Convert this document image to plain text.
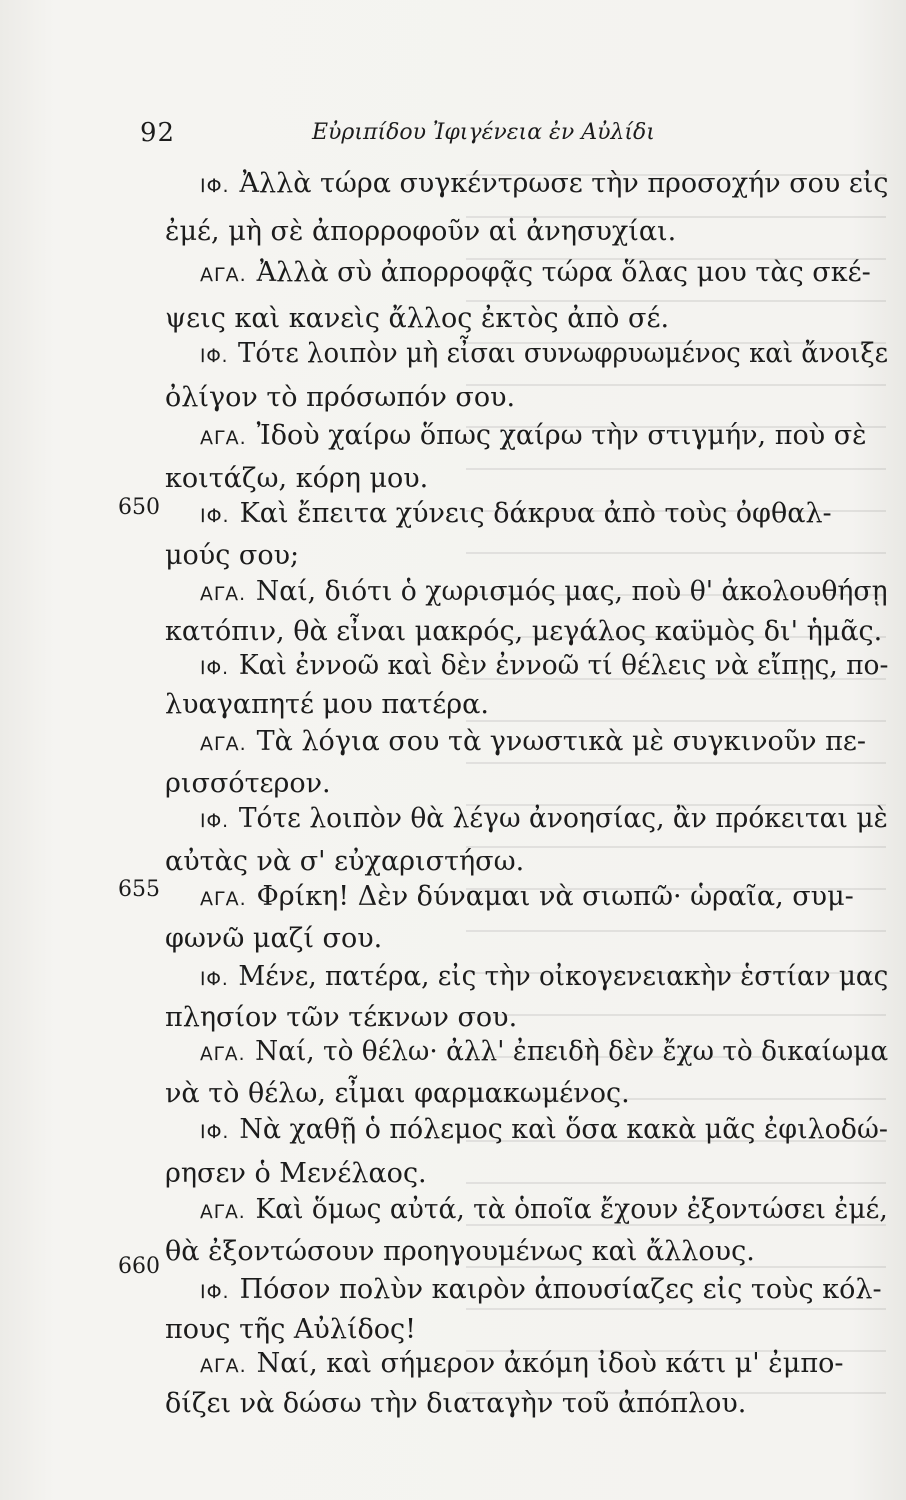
92	Εὐριπίδου Ἰφιγένεια ἐν Αὐλίδι
650
655
660
ΙΦ. Ἀλλὰ τώρα συγκέντρωσε τὴν προσοχήν σου εἰς
ἐμέ, μὴ σὲ ἀπορροφοῦν αἱ ἀνησυχίαι.
ΑΓΑ. Ἀλλὰ σὺ ἀπορροφᾷς τώρα ὅλας μου τὰς σκέ-
ψεις καὶ κανεὶς ἄλλος ἐκτὸς ἀπὸ σέ.
ΙΦ. Τότε λοιπὸν μὴ εἶσαι συνωφρυωμένος καὶ ἄνοιξε
ὀλίγον τὸ πρόσωπόν σου.
ΑΓΑ. Ἰδοὺ χαίρω ὅπως χαίρω τὴν στιγμήν, ποὺ σὲ
κοιτάζω, κόρη μου.
ΙΦ. Καὶ ἔπειτα χύνεις δάκρυα ἀπὸ τοὺς ὀφθαλ-
μούς σου;
ΑΓΑ. Ναί, διότι ὁ χωρισμός μας, ποὺ θ' ἀκολουθήσῃ
κατόπιν, θὰ εἶναι μακρός, μεγάλος καϋμὸς δι' ἡμᾶς.
ΙΦ. Καὶ ἐννοῶ καὶ δὲν ἐννοῶ τί θέλεις νὰ εἴπῃς, πο-
λυαγαπητέ μου πατέρα.
ΑΓΑ. Τὰ λόγια σου τὰ γνωστικὰ μὲ συγκινοῦν πε-
ρισσότερον.
ΙΦ. Τότε λοιπὸν θὰ λέγω ἀνοησίας, ἂν πρόκειται μὲ
αὐτὰς νὰ σ' εὐχαριστήσω.
ΑΓΑ. Φρίκη! Δὲν δύναμαι νὰ σιωπῶ· ὡραῖα, συμ-
φωνῶ μαζί σου.
ΙΦ. Μένε, πατέρα, εἰς τὴν οἰκογενειακὴν ἑστίαν μας
πλησίον τῶν τέκνων σου.
ΑΓΑ. Ναί, τὸ θέλω· ἀλλ' ἐπειδὴ δὲν ἔχω τὸ δικαίωμα
νὰ τὸ θέλω, εἶμαι φαρμακωμένος.
ΙΦ. Νὰ χαθῇ ὁ πόλεμος καὶ ὅσα κακὰ μᾶς ἐφιλοδώ-
ρησεν ὁ Μενέλαος.
ΑΓΑ. Καὶ ὅμως αὐτά, τὰ ὁποῖα ἔχουν ἐξοντώσει ἐμέ,
θὰ ἐξοντώσουν προηγουμένως καὶ ἄλλους.
ΙΦ. Πόσον πολὺν καιρὸν ἀπουσίαζες εἰς τοὺς κόλ-
πους τῆς Αὐλίδος!
ΑΓΑ. Ναί, καὶ σήμερον ἀκόμη ἰδοὺ κάτι μ' ἐμπο-
δίζει νὰ δώσω τὴν διαταγὴν τοῦ ἀπόπλου.
